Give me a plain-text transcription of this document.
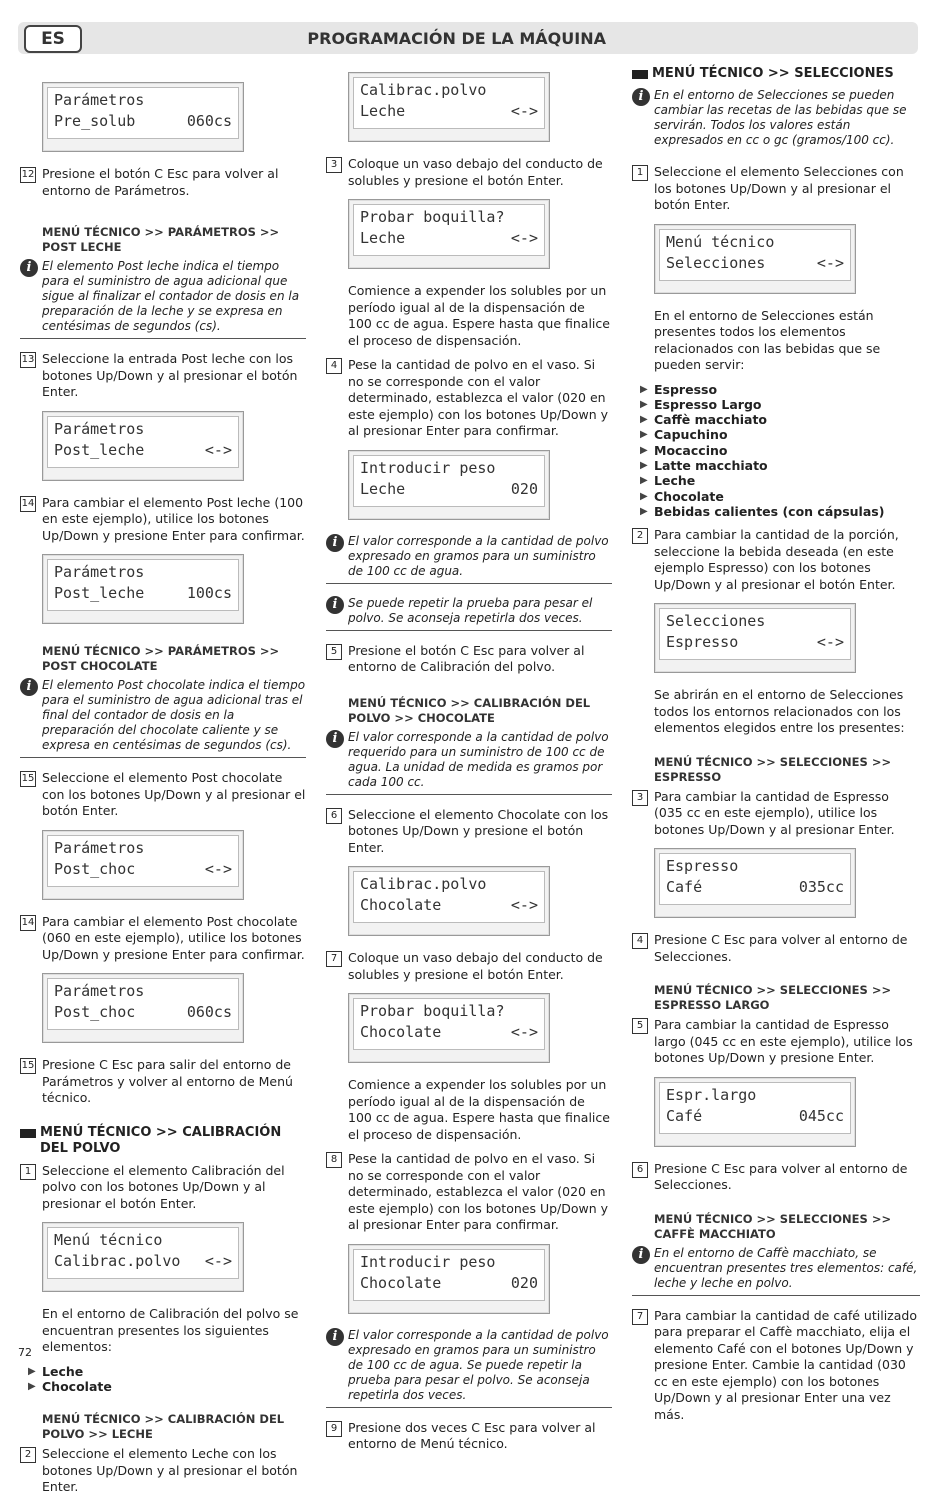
ES	PROGRAMACIÓN DE LA MÁQUINA
Parámetros
Pre_solub	060cs
12 Presione el botón C Esc para volver al entorno de Parámetros.

MENÚ TÉCNICO >> PARÁMETROS >> POST LECHE
i El elemento Post leche indica el tiempo para el suministro de agua adicional que sigue al finalizar el contador de dosis en la preparación de la leche y se expresa en centésimas de segundos (cs).

13 Seleccione la entrada Post leche con los botones Up/Down y al presionar el botón Enter.

Parámetros
Post_leche	<->
14 Para cambiar el elemento Post leche (100 en este ejemplo), utilice los botones Up/Down y presione Enter para confirmar.

Parámetros
Post_leche	100cs
MENÚ TÉCNICO >> PARÁMETROS >> POST CHOCOLATE
i El elemento Post chocolate indica el tiempo para el suministro de agua adicional tras el final del contador de dosis en la preparación del chocolate caliente y se expresa en centésimas de segundos (cs).

15 Seleccione el elemento Post chocolate con los botones Up/Down y al presionar el botón Enter.

Parámetros
Post_choc	<->
14 Para cambiar el elemento Post chocolate (060 en este ejemplo), utilice los botones Up/Down y presione Enter para confirmar.

Parámetros
Post_choc	060cs
15 Presione C Esc para salir del entorno de Parámetros y volver al entorno de Menú técnico.

MENÚ TÉCNICO >> CALIBRACIÓN DEL POLVO
1 Seleccione el elemento Calibración del polvo con los botones Up/Down y al presionar el botón Enter.

Menú técnico
Calibrac.polvo <->

En el entorno de Calibración del polvo se encuentran presentes los siguientes elementos:

▶ Leche
▶ Chocolate
MENÚ TÉCNICO >> CALIBRACIÓN DEL POLVO >> LECHE
2 Seleccione el elemento Leche con los botones Up/Down y al presionar el botón Enter.

Calibrac.polvo
Leche	<->
3 Coloque un vaso debajo del conducto de solubles y presione el botón Enter.

Probar boquilla?
Leche	<->

Comience a expender los solubles por un período igual al de la dispensación de 100 cc de agua. Espere hasta que finalice el proceso de dispensación.

4 Pese la cantidad de polvo en el vaso. Si no se corresponde con el valor determinado, establezca el valor (020 en este ejemplo) con los botones Up/Down y al presionar Enter para confirmar.

Introducir peso
Leche	020
i El valor corresponde a la cantidad de polvo expresado en gramos para un suministro de 100 cc de agua.

i Se puede repetir la prueba para pesar el polvo. Se aconseja repetirla dos veces.

5 Presione el botón C Esc para volver al entorno de Calibración del polvo.

MENÚ TÉCNICO >> CALIBRACIÓN DEL POLVO >> CHOCOLATE
i El valor corresponde a la cantidad de polvo requerido para un suministro de 100 cc de agua. La unidad de medida es gramos por cada 100 cc.

6 Seleccione el elemento Chocolate con los botones Up/Down y presione el botón Enter.

Calibrac.polvo
Chocolate	<->
7 Coloque un vaso debajo del conducto de solubles y presione el botón Enter.

Probar boquilla?
Chocolate	<->

Comience a expender los solubles por un período igual al de la dispensación de 100 cc de agua. Espere hasta que finalice el proceso de dispensación.

8 Pese la cantidad de polvo en el vaso. Si no se corresponde con el valor determinado, establezca el valor (020 en este ejemplo) con los botones Up/Down y al presionar Enter para confirmar.

Introducir peso
Chocolate	020
i El valor corresponde a la cantidad de polvo expresado en gramos para un suministro de 100 cc de agua. Se puede repetir la prueba para pesar el polvo. Se aconseja repetirla dos veces.

9 Presione dos veces C Esc para volver al entorno de Menú técnico.

MENÚ TÉCNICO >> SELECCIONES
i En el entorno de Selecciones se pueden cambiar las recetas de las bebidas que se servirán. Todos los valores están expresados en cc o gc (gramos/100 cc).

1 Seleccione el elemento Selecciones con los botones Up/Down y al presionar el botón Enter.

Menú técnico
Selecciones	<->

En el entorno de Selecciones están presentes todos los elementos relacionados con las bebidas que se pueden servir:

▶ Espresso
▶ Espresso Largo
▶ Caffè macchiato
▶ Capuchino
▶ Mocaccino
▶ Latte macchiato
▶ Leche
▶ Chocolate
▶ Bebidas calientes (con cápsulas)
2 Para cambiar la cantidad de la porción, seleccione la bebida deseada (en este ejemplo Espresso) con los botones Up/Down y al presionar el botón Enter.

Selecciones
Espresso	<->

Se abrirán en el entorno de Selecciones todos los entornos relacionados con los elementos elegidos entre los presentes:

MENÚ TÉCNICO >> SELECCIONES >> ESPRESSO
3 Para cambiar la cantidad de Espresso (035 cc en este ejemplo), utilice los botones Up/Down y al presionar Enter.

Espresso
Café	035cc
4 Presione C Esc para volver al entorno de Selecciones.

MENÚ TÉCNICO >> SELECCIONES >> ESPRESSO LARGO
5 Para cambiar la cantidad de Espresso largo (045 cc en este ejemplo), utilice los botones Up/Down y presione Enter.

Espr.largo
Café	045cc
6 Presione C Esc para volver al entorno de Selecciones.

MENÚ TÉCNICO >> SELECCIONES >> CAFFÈ MACCHIATO
i En el entorno de Caffè macchiato, se encuentran presentes tres elementos: café, leche y leche en polvo.

7 Para cambiar la cantidad de café utilizado para preparar el Caffè macchiato, elija el elemento Café con el botones Up/Down y presione Enter. Cambie la cantidad (030 cc en este ejemplo) con los botones Up/Down y al presionar Enter una vez más.

72
